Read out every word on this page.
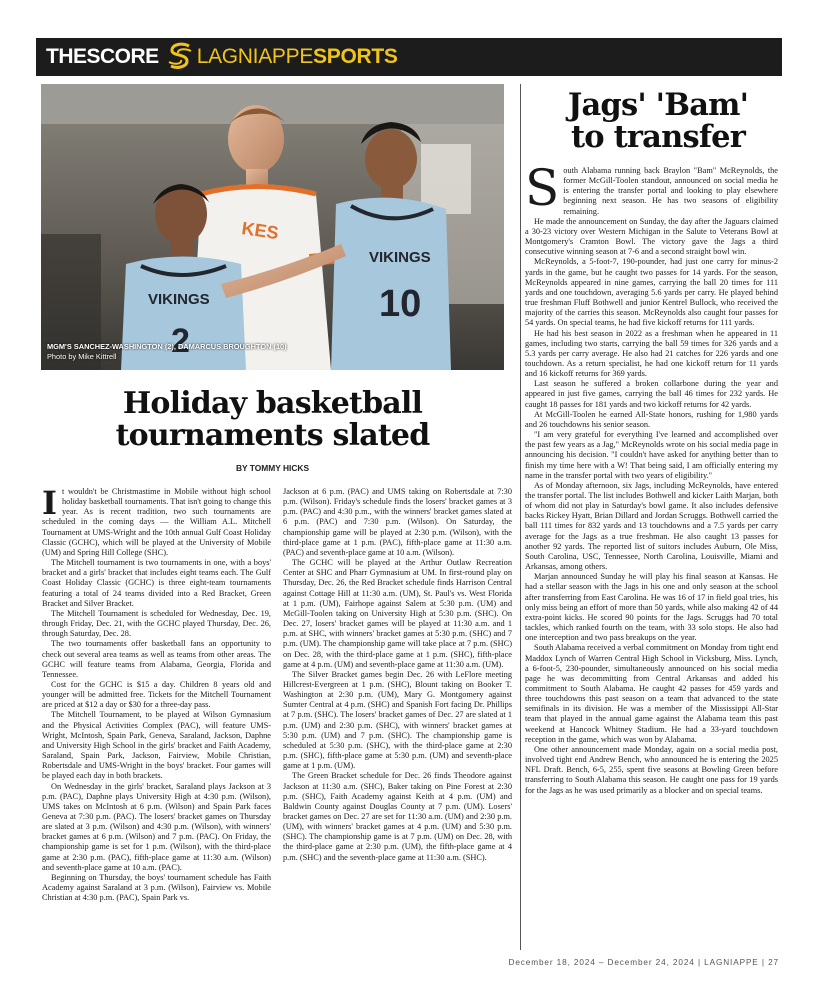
THE SCORE LAGNIAPPE SPORTS
KES
VIKINGS
10
VIKINGS
2
MGM'S SANCHEZ-WASHINGTON (2), DAMARCUS BROUGHTON (10)
Photo by Mike Kittrell
Holiday basketball
tournaments slated
BY TOMMY HICKS

It wouldn't be Christmastime in Mobile without high school holiday basketball tournaments. That isn't going to change this year. As is recent tradition, two such tournaments are scheduled in the coming days — the William A.L. Mitchell Tournament at UMS-Wright and the 10th annual Gulf Coast Holiday Classic (GCHC), which will be played at the University of Mobile (UM) and Spring Hill College (SHC).

The Mitchell tournament is two tournaments in one, with a boys' bracket and a girls' bracket that includes eight teams each. The Gulf Coast Holiday Classic (GCHC) is three eight-team tournaments featuring a total of 24 teams divided into a Red Bracket, Green Bracket and Silver Bracket.

The Mitchell Tournament is scheduled for Wednesday, Dec. 19, through Friday, Dec. 21, with the GCHC played Thursday, Dec. 26, through Saturday, Dec. 28.

The two tournaments offer basketball fans an opportunity to check out several area teams as well as teams from other areas. The GCHC will feature teams from Alabama, Georgia, Florida and Tennessee.

Cost for the GCHC is $15 a day. Children 8 years old and younger will be admitted free. Tickets for the Mitchell Tournament are priced at $12 a day or $30 for a three-day pass.

The Mitchell Tournament, to be played at Wilson Gymnasium and the Physical Activities Complex (PAC), will feature UMS-Wright, McIntosh, Spain Park, Geneva, Saraland, Jackson, Daphne and University High School in the girls' bracket and Faith Academy, Saraland, Spain Park, Jackson, Fairview, Mobile Christian, Robertsdale and UMS-Wright in the boys' bracket. Four games will be played each day in both brackets.

On Wednesday in the girls' bracket, Saraland plays Jackson at 3 p.m. (PAC), Daphne plays University High at 4:30 p.m. (Wilson), UMS takes on McIntosh at 6 p.m. (Wilson) and Spain Park faces Geneva at 7:30 p.m. (PAC). The losers' bracket games on Thursday are slated at 3 p.m. (Wilson) and 4:30 p.m. (Wilson), with winners' bracket games at 6 p.m. (Wilson) and 7 p.m. (PAC). On Friday, the championship game is set for 1 p.m. (Wilson), with the third-place game at 2:30 p.m. (PAC), fifth-place game at 11:30 a.m. (Wilson) and seventh-place game at 10 a.m. (PAC).

Beginning on Thursday, the boys' tournament schedule has Faith Academy against Saraland at 3 p.m. (Wilson), Fairview vs. Mobile Christian at 4:30 p.m. (PAC), Spain Park vs.

Jackson at 6 p.m. (PAC) and UMS taking on Robertsdale at 7:30 p.m. (Wilson). Friday's schedule finds the losers' bracket games at 3 p.m. (PAC) and 4:30 p.m., with the winners' bracket games slated at 6 p.m. (PAC) and 7:30 p.m. (Wilson). On Saturday, the championship game will be played at 2:30 p.m. (Wilson), with the third-place game at 1 p.m. (PAC), fifth-place game at 11:30 a.m. (PAC) and seventh-place game at 10 a.m. (Wilson).

The GCHC will be played at the Arthur Outlaw Recreation Center at SHC and Pharr Gymnasium at UM. In first-round play on Thursday, Dec. 26, the Red Bracket schedule finds Harrison Central against Cottage Hill at 11:30 a.m. (UM), St. Paul's vs. West Florida at 1 p.m. (UM), Fairhope against Salem at 5:30 p.m. (UM) and McGill-Toolen taking on University High at 5:30 p.m. (SHC). On Dec. 27, losers' bracket games will be played at 11:30 a.m. and 1 p.m. at SHC, with winners' bracket games at 5:30 p.m. (SHC) and 7 p.m. (UM). The championship game will take place at 7 p.m. (SHC) on Dec. 28, with the third-place game at 1 p.m. (SHC), fifth-place game at 4 p.m. (UM) and seventh-place game at 11:30 a.m. (UM).

The Silver Bracket games begin Dec. 26 with LeFlore meeting Hillcrest-Evergreen at 1 p.m. (SHC), Blount taking on Booker T. Washington at 2:30 p.m. (UM), Mary G. Montgomery against Sumter Central at 4 p.m. (SHC) and Spanish Fort facing Dr. Phillips at 7 p.m. (SHC). The losers' bracket games of Dec. 27 are slated at 1 p.m. (UM) and 2:30 p.m. (SHC), with winners' bracket games at 5:30 p.m. (UM) and 7 p.m. (SHC). The championship game is scheduled at 5:30 p.m. (SHC), with the third-place game at 2:30 p.m. (SHC), fifth-place game at 5:30 p.m. (UM) and seventh-place game at 1 p.m. (UM).

The Green Bracket schedule for Dec. 26 finds Theodore against Jackson at 11:30 a.m. (SHC), Baker taking on Pine Forest at 2:30 p.m. (SHC), Faith Academy against Keith at 4 p.m. (UM) and Baldwin County against Douglas County at 7 p.m. (UM). Losers' bracket games on Dec. 27 are set for 11:30 a.m. (UM) and 2:30 p.m. (UM), with winners' bracket games at 4 p.m. (UM) and 5:30 p.m. (SHC). The championship game is at 7 p.m. (UM) on Dec. 28, with the third-place game at 2:30 p.m. (UM), the fifth-place game at 4 p.m. (SHC) and the seventh-place game at 11:30 a.m. (SHC).

Jags' 'Bam'
to transfer

South Alabama running back Braylon "Bam" McReynolds, the former McGill-Toolen standout, announced on social media he is entering the transfer portal and looking to play elsewhere beginning next season. He has two seasons of eligibility remaining.

He made the announcement on Sunday, the day after the Jaguars claimed a 30-23 victory over Western Michigan in the Salute to Veterans Bowl at Montgomery's Cramton Bowl. The victory gave the Jags a third consecutive winning season at 7-6 and a second straight bowl win.

McReynolds, a 5-foot-7, 190-pounder, had just one carry for minus-2 yards in the game, but he caught two passes for 14 yards. For the season, McReynolds appeared in nine games, carrying the ball 20 times for 111 yards and one touchdown, averaging 5.6 yards per carry. He played behind true freshman Fluff Bothwell and junior Kentrel Bullock, who received the majority of the carries this season. McReynolds also caught four passes for 54 yards. On special teams, he had five kickoff returns for 111 yards.

He had his best season in 2022 as a freshman when he appeared in 11 games, including two starts, carrying the ball 59 times for 326 yards and a 5.3 yards per carry average. He also had 21 catches for 226 yards and one touchdown. As a return specialist, he had one kickoff return for 11 yards and 16 kickoff returns for 369 yards.

Last season he suffered a broken collarbone during the year and appeared in just five games, carrying the ball 46 times for 232 yards. He caught 18 passes for 181 yards and two kickoff returns for 42 yards.

At McGill-Toolen he earned All-State honors, rushing for 1,980 yards and 26 touchdowns his senior season.

"I am very grateful for everything I've learned and accomplished over the past few years as a Jag," McReynolds wrote on his social media page in announcing his decision. "I couldn't have asked for anything better than to finish my time here with a W! That being said, I am officially entering my name in the transfer portal with two years of eligibility."

As of Monday afternoon, six Jags, including McReynolds, have entered the transfer portal. The list includes Bothwell and kicker Laith Marjan, both of whom did not play in Saturday's bowl game. It also includes defensive backs Rickey Hyatt, Brian Dillard and Jordan Scruggs. Bothwell carried the ball 111 times for 832 yards and 13 touchdowns and a 7.5 yards per carry average for the Jags as a true freshman. He also caught 13 passes for another 92 yards. The reported list of suitors includes Auburn, Ole Miss, South Carolina, USC, Tennessee, North Carolina, Louisville, Miami and Arkansas, among others.

Marjan announced Sunday he will play his final season at Kansas. He had a stellar season with the Jags in his one and only season at the school after transferring from East Carolina. He was 16 of 17 in field goal tries, his only miss being an effort of more than 50 yards, while also making 42 of 44 extra-point kicks. He scored 90 points for the Jags. Scruggs had 70 total tackles, which ranked fourth on the team, with 33 solo stops. He also had one interception and two pass breakups on the year.

South Alabama received a verbal commitment on Monday from tight end Maddox Lynch of Warren Central High School in Vicksburg, Miss. Lynch, a 6-foot-5, 230-pounder, simultaneously announced on his social media page he was decommitting from Central Arkansas and added his commitment to South Alabama. He caught 42 passes for 459 yards and three touchdowns this past season on a team that advanced to the state semifinals in its division. He was a member of the Mississippi All-Star team that played in the annual game against the Alabama team this past weekend at Hancock Whitney Stadium. He had a 33-yard touchdown reception in the game, which was won by Alabama.

One other announcement made Monday, again on a social media post, involved tight end Andrew Bench, who announced he is entering the 2025 NFL Draft. Bench, 6-5, 255, spent five seasons at Bowling Green before transferring to South Alabama this season. He caught one pass for 19 yards for the Jags as he was used primarily as a blocker and on special teams.

December 18, 2024 – December 24, 2024 | LAGNIAPPE | 27
